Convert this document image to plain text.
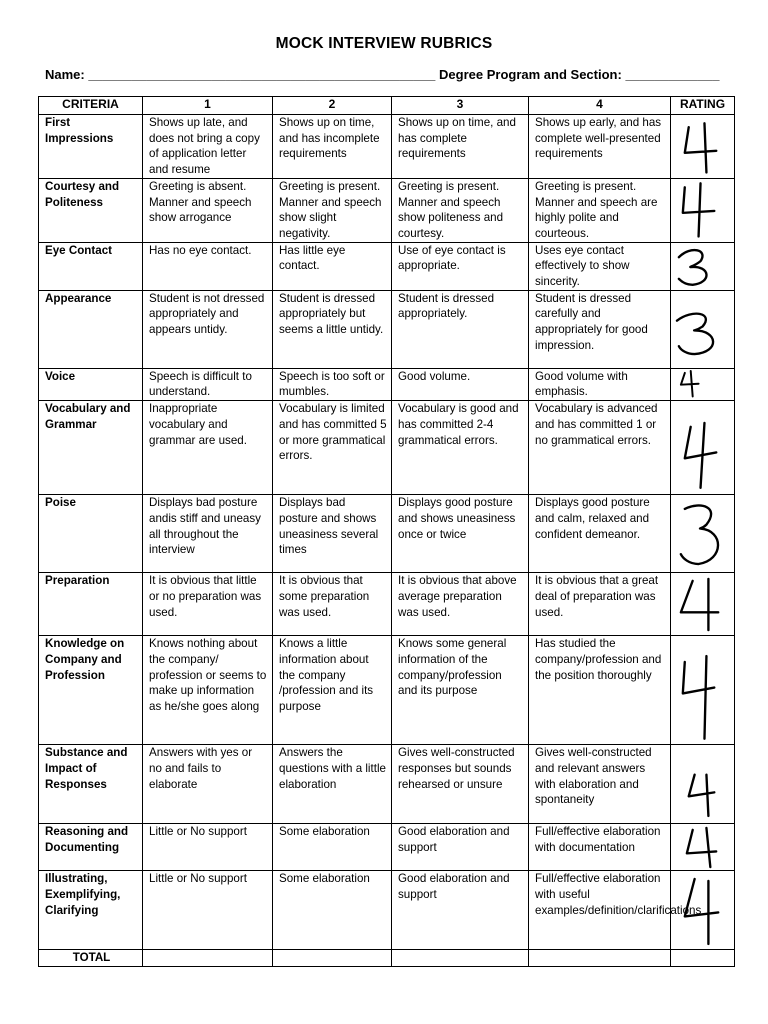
MOCK INTERVIEW RUBRICS
Name: ________________________________________________ Degree Program and Section: _____________
CRITERIA	1	2	3	4	RATING
First Impressions	Shows up late, and does not bring a copy of application letter and resume	Shows up on time, and has incomplete requirements	Shows up on time, and has complete requirements	Shows up early, and has complete well-presented requirements	

Courtesy and Politeness	Greeting is absent. Manner and speech show arrogance	Greeting is present. Manner and speech show slight negativity.	Greeting is present. Manner and speech show politeness and courtesy.	Greeting is present. Manner and speech are highly polite and courteous.	

Eye Contact	Has no eye contact.	Has little eye contact.	Use of eye contact is appropriate.	Uses eye contact effectively to show sincerity.	

Appearance	Student is not dressed appropriately and appears untidy.	Student is dressed appropriately but seems a little untidy.	Student is dressed appropriately.	Student is dressed carefully and appropriately for good impression.	

Voice	Speech is difficult to understand.	Speech is too soft or mumbles.	Good volume.	Good volume with emphasis.	

Vocabulary and Grammar	Inappropriate vocabulary and grammar are used.	Vocabulary is limited and has committed 5 or more grammatical errors.	Vocabulary is good and has committed 2-4 grammatical errors.	Vocabulary is advanced and has committed 1 or no grammatical errors.	

Poise	Displays bad posture andis stiff and uneasy all throughout the interview	Displays bad posture and shows uneasiness several times	Displays good posture and shows uneasiness once or twice	Displays good posture and calm, relaxed and confident demeanor.	

Preparation	It is obvious that little or no preparation was used.	It is obvious that some preparation was used.	It is obvious that above average preparation was used.	It is obvious that a great deal of preparation was used.	

Knowledge on Company and Profession	Knows nothing about the company/ profession or seems to make up information as he/she goes along	Knows a little information about the company /profession and its purpose	Knows some general information of the company/profession and its purpose	Has studied the company/profession and the position thoroughly	

Substance and Impact of Responses	Answers with yes or no and fails to elaborate	Answers the questions with a little elaboration	Gives well-constructed responses but sounds rehearsed or unsure	Gives well-constructed and relevant answers with elaboration and spontaneity	

Reasoning and Documenting	Little or No support	Some elaboration	Good elaboration and support	Full/effective elaboration with documentation	

Illustrating, Exemplifying, Clarifying	Little or No support	Some elaboration	Good elaboration and support	Full/effective elaboration with useful examples/definition/clarifications	

TOTAL					
